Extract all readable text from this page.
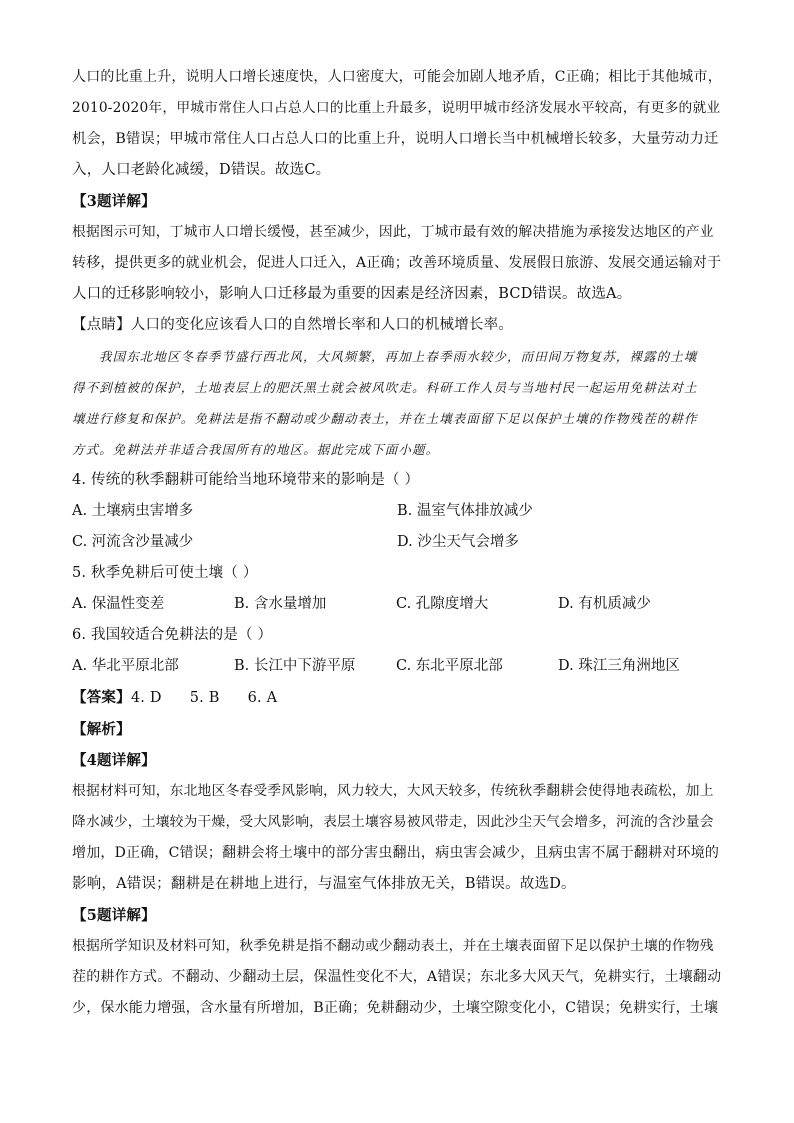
人口的比重上升，说明人口增长速度快，人口密度大，可能会加剧人地矛盾，C正确；相比于其他城市，
2010-2020年，甲城市常住人口占总人口的比重上升最多，说明甲城市经济发展水平较高，有更多的就业
机会，B错误；甲城市常住人口占总人口的比重上升，说明人口增长当中机械增长较多，大量劳动力迁
入，人口老龄化减缓，D错误。故选C。
【3题详解】
根据图示可知，丁城市人口增长缓慢，甚至减少，因此，丁城市最有效的解决措施为承接发达地区的产业
转移，提供更多的就业机会，促进人口迁入，A正确；改善环境质量、发展假日旅游、发展交通运输对于
人口的迁移影响较小，影响人口迁移最为重要的因素是经济因素，BCD错误。故选A。
【点睛】人口的变化应该看人口的自然增长率和人口的机械增长率。
我国东北地区冬春季节盛行西北风，大风频繁，再加上春季雨水较少，而田间万物复苏，裸露的土壤
得不到植被的保护，土地表层上的肥沃黑土就会被风吹走。科研工作人员与当地村民一起运用免耕法对土
壤进行修复和保护。免耕法是指不翻动或少翻动表土，并在土壤表面留下足以保护土壤的作物残茬的耕作
方式。免耕法并非适合我国所有的地区。据此完成下面小题。
4. 传统的秋季翻耕可能给当地环境带来的影响是（ ）
A. 土壤病虫害增多	B. 温室气体排放减少
C. 河流含沙量减少	D. 沙尘天气会增多
5. 秋季免耕后可使土壤（ ）
A. 保温性变差	B. 含水量增加	C. 孔隙度增大	D. 有机质减少
6. 我国较适合免耕法的是（ ）
A. 华北平原北部	B. 长江中下游平原	C. 东北平原北部	D. 珠江三角洲地区
【答案】4. D 5. B 6. A
【解析】
【4题详解】
根据材料可知，东北地区冬春受季风影响，风力较大，大风天较多，传统秋季翻耕会使得地表疏松，加上
降水减少，土壤较为干燥，受大风影响，表层土壤容易被风带走，因此沙尘天气会增多，河流的含沙量会
增加，D正确，C错误；翻耕会将土壤中的部分害虫翻出，病虫害会减少，且病虫害不属于翻耕对环境的
影响，A错误；翻耕是在耕地上进行，与温室气体排放无关，B错误。故选D。
【5题详解】
根据所学知识及材料可知，秋季免耕是指不翻动或少翻动表土，并在土壤表面留下足以保护土壤的作物残
茬的耕作方式。不翻动、少翻动土层，保温性变化不大，A错误；东北多大风天气，免耕实行，土壤翻动
少，保水能力增强，含水量有所增加，B正确；免耕翻动少，土壤空隙变化小，C错误；免耕实行，土壤
